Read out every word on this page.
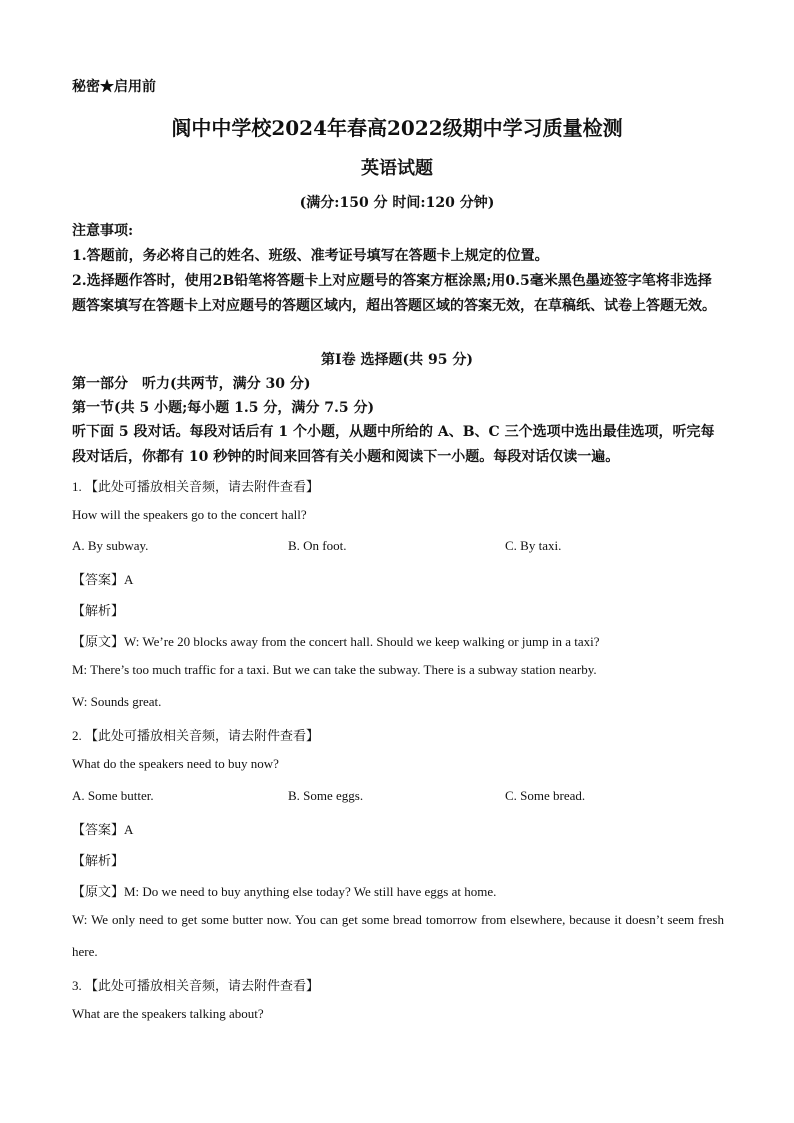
秘密★启用前
阆中中学校2024年春高2022级期中学习质量检测
英语试题
(满分:150 分 时间:120 分钟)
注意事项:
1.答题前，务必将自己的姓名、班级、准考证号填写在答题卡上规定的位置。
2.选择题作答时，使用2B铅笔将答题卡上对应题号的答案方框涂黑;用0.5毫米黑色墨迹签字笔将非选择题答案填写在答题卡上对应题号的答题区域内，超出答题区域的答案无效，在草稿纸、试卷上答题无效。
第Ⅰ卷 选择题(共 95 分)
第一部分　听力(共两节，满分 30 分)
第一节(共 5 小题;每小题 1.5 分，满分 7.5 分)
听下面 5 段对话。每段对话后有 1 个小题，从题中所给的 A、B、C 三个选项中选出最佳选项，听完每段对话后，你都有 10 秒钟的时间来回答有关小题和阅读下一小题。每段对话仅读一遍。
1. 【此处可播放相关音频，请去附件查看】
How will the speakers go to the concert hall?
A. By subway.	B. On foot.	C. By taxi.
【答案】A
【解析】
【原文】W: We’re 20 blocks away from the concert hall. Should we keep walking or jump in a taxi?
M: There’s too much traffic for a taxi. But we can take the subway. There is a subway station nearby.
W: Sounds great.
2. 【此处可播放相关音频，请去附件查看】
What do the speakers need to buy now?
A. Some butter.	B. Some eggs.	C. Some bread.
【答案】A
【解析】
【原文】M: Do we need to buy anything else today? We still have eggs at home.
W: We only need to get some butter now. You can get some bread tomorrow from elsewhere, because it doesn’t seem fresh here.
3. 【此处可播放相关音频，请去附件查看】
What are the speakers talking about?
